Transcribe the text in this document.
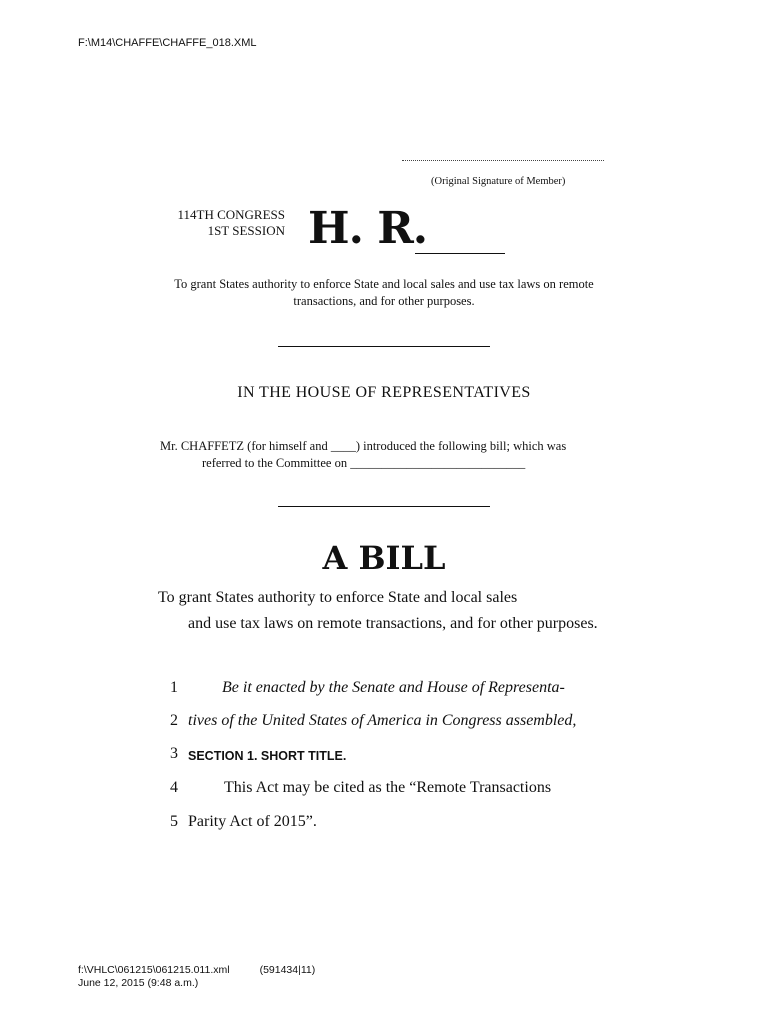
F:\M14\CHAFFE\CHAFFE_018.XML
(Original Signature of Member)
114TH CONGRESS
1ST SESSION H. R.
To grant States authority to enforce State and local sales and use tax laws on remote transactions, and for other purposes.
IN THE HOUSE OF REPRESENTATIVES
Mr. CHAFFETZ (for himself and ____) introduced the following bill; which was
referred to the Committee on ____________________________
A BILL
To grant States authority to enforce State and local sales
and use tax laws on remote transactions, and for other purposes.
1	Be it enacted by the Senate and House of Representa-
2 tives of the United States of America in Congress assembled,
3 SECTION 1. SHORT TITLE.
4	This Act may be cited as the “Remote Transactions
5 Parity Act of 2015”.
f:\VHLC\061215\061215.011.xml	(591434|11)
June 12, 2015 (9:48 a.m.)
